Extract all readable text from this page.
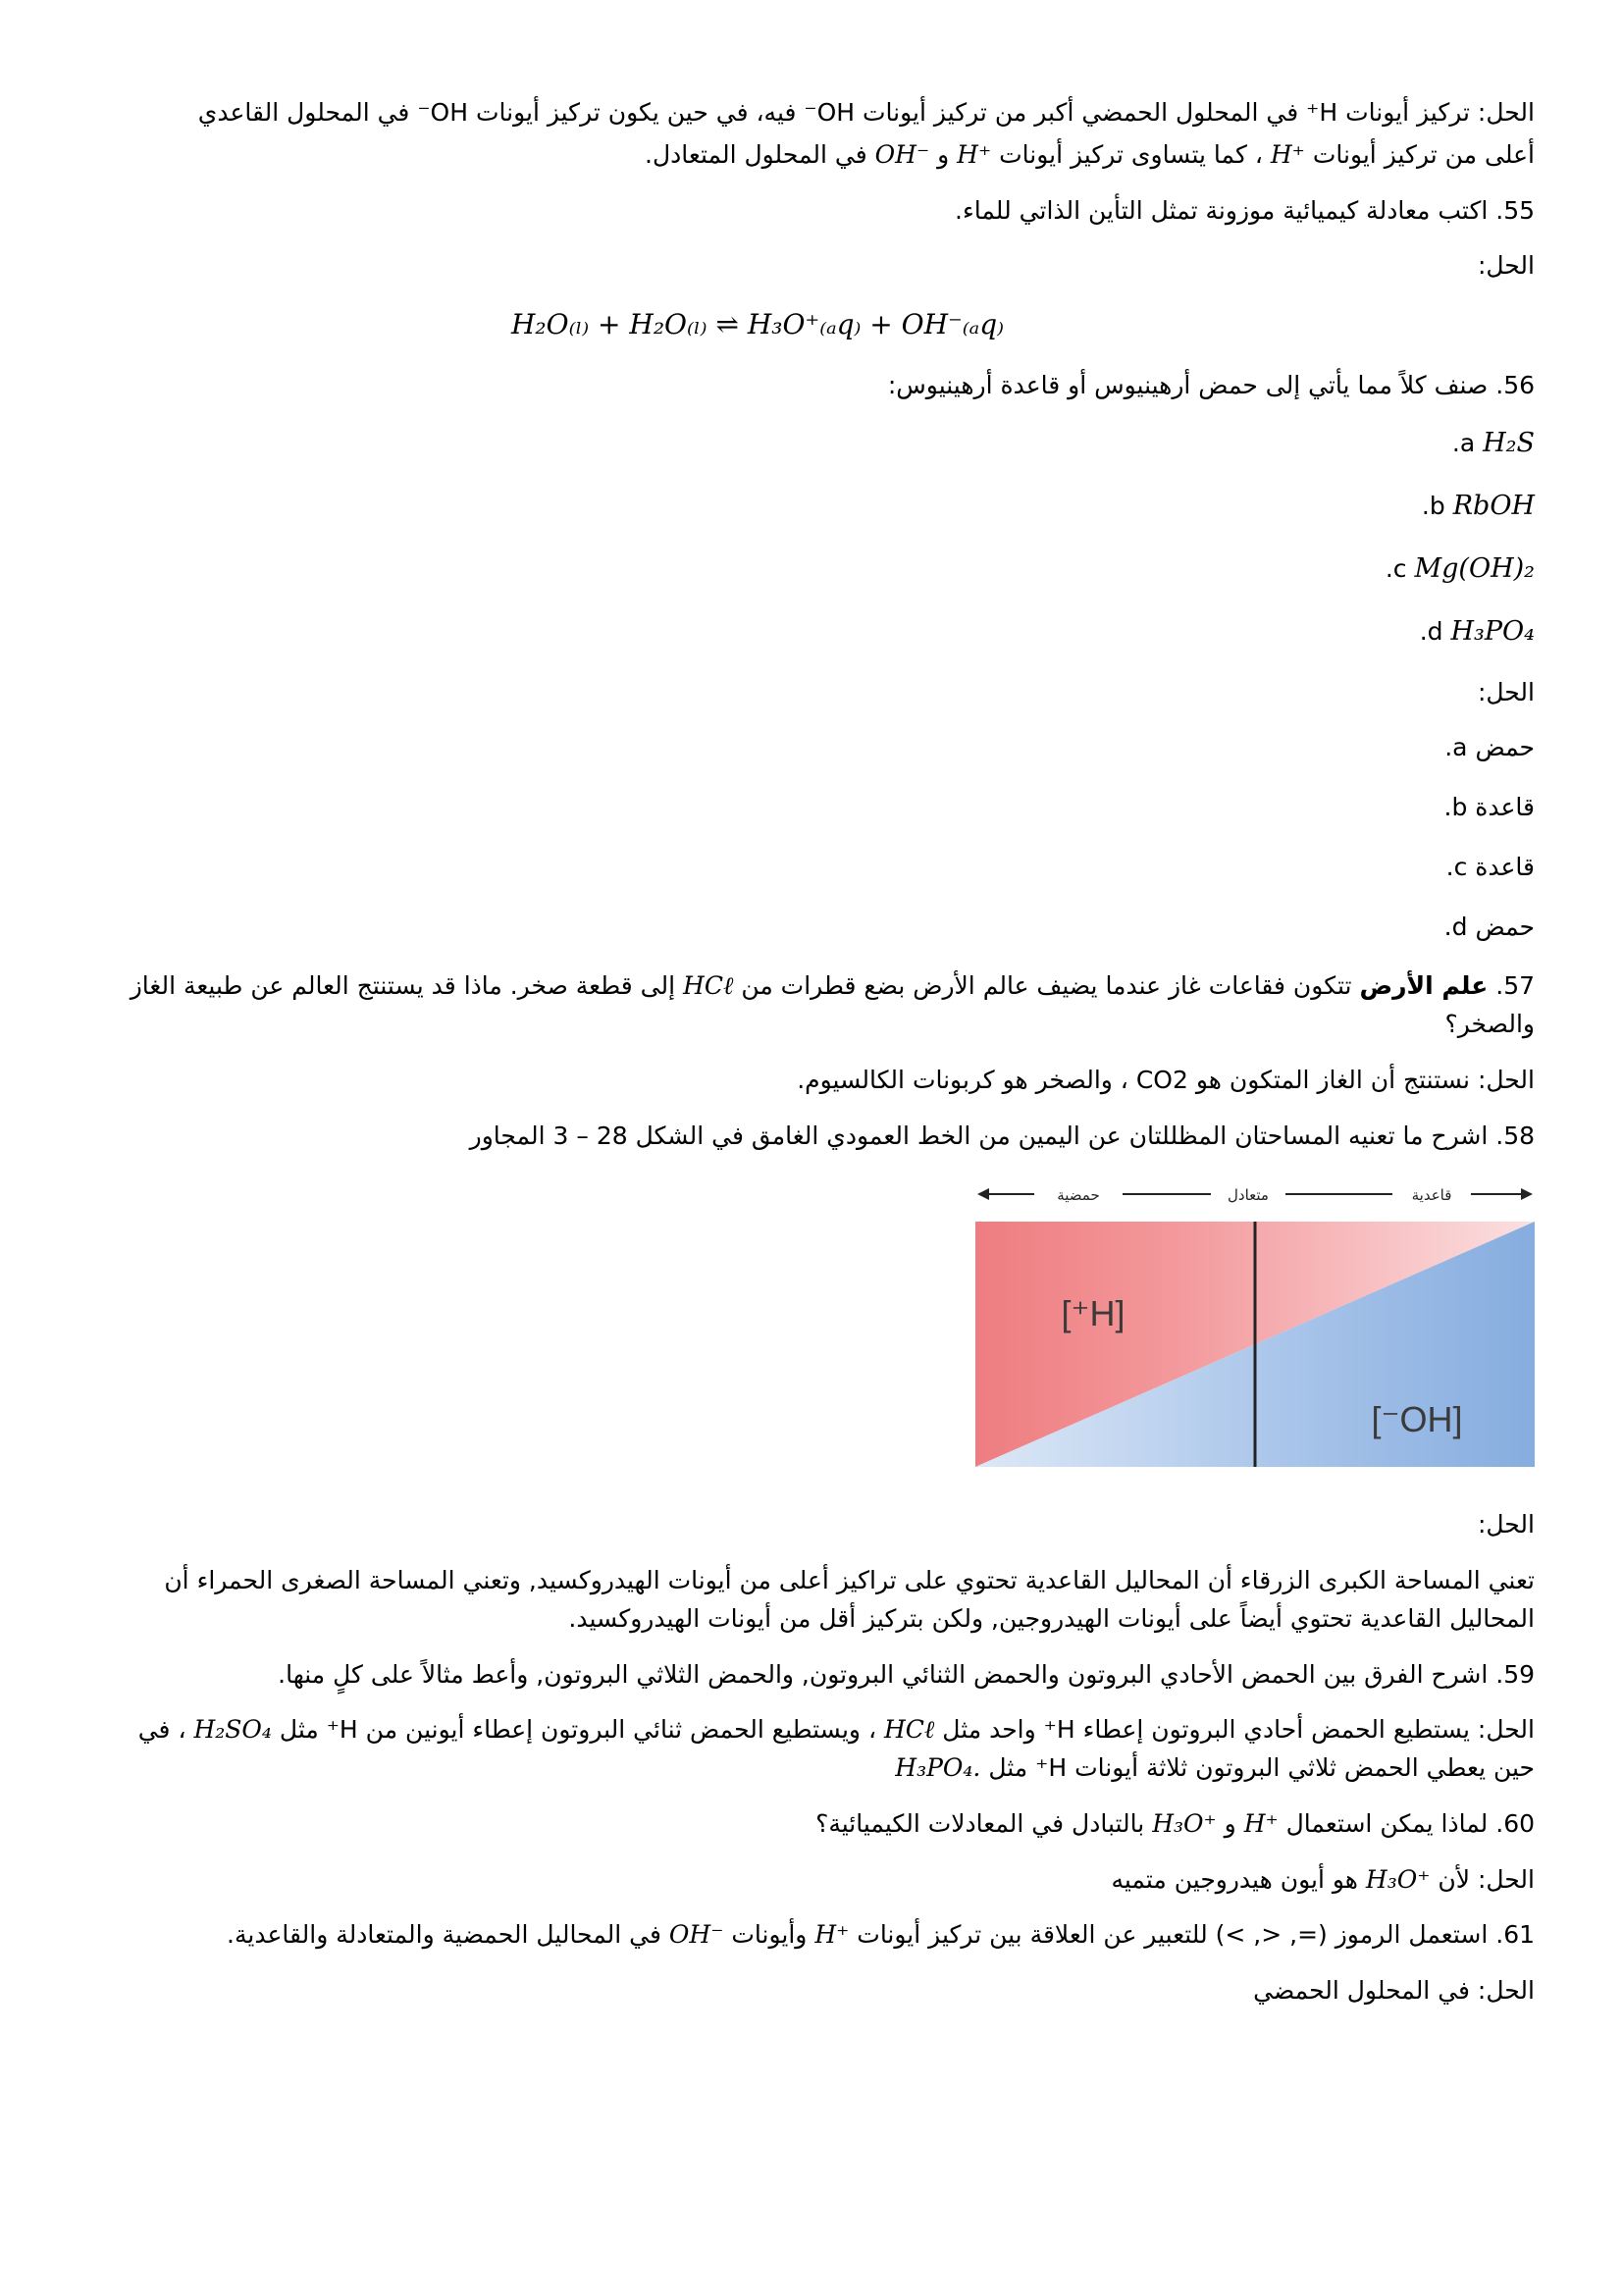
الحل: تركيز أيونات H⁺ في المحلول الحمضي أكبر من تركيز أيونات OH⁻ فيه، في حين يكون تركيز أيونات OH⁻ في المحلول القاعدي

أعلى من تركيز أيونات H⁺ ، كما يتساوى تركيز أيونات H⁺ و OH⁻ في المحلول المتعادل.

55. اكتب معادلة كيميائية موزونة تمثل التأين الذاتي للماء.

الحل:

H₂O₍ₗ₎ + H₂O₍ₗ₎ ⇌ H₃O⁺₍ₐq₎ + OH⁻₍ₐq₎

56. صنف كلاً مما يأتي إلى حمض أرهينيوس أو قاعدة أرهينيوس:

H₂S a.
RbOH b.
Mg(OH)₂ c.
H₃PO₄ d.

الحل:

حمض a.
قاعدة b.
قاعدة c.
حمض d.

57. علم الأرض تتكون فقاعات غاز عندما يضيف عالم الأرض بضع قطرات من HCℓ إلى قطعة صخر. ماذا قد يستنتج العالم عن طبيعة الغاز والصخر؟

الحل: نستنتج أن الغاز المتكون هو CO2 ، والصخر هو كربونات الكالسيوم.

58. اشرح ما تعنيه المساحتان المظللتان عن اليمين من الخط العمودي الغامق في الشكل 28 – 3 المجاور

حمضية	متعادل	قاعدية
[H⁺]
[OH⁻]

الحل:

تعني المساحة الكبرى الزرقاء أن المحاليل القاعدية تحتوي على تراكيز أعلى من أيونات الهيدروكسيد, وتعني المساحة الصغرى الحمراء أن المحاليل القاعدية تحتوي أيضاً على أيونات الهيدروجين, ولكن بتركيز أقل من أيونات الهيدروكسيد.

59. اشرح الفرق بين الحمض الأحادي البروتون والحمض الثنائي البروتون, والحمض الثلاثي البروتون, وأعط مثالاً على كلٍ منها.

الحل: يستطيع الحمض أحادي البروتون إعطاء H⁺ واحد مثل HCℓ ، ويستطيع الحمض ثنائي البروتون إعطاء أيونين من H⁺ مثل H₂SO₄ ، في حين يعطي الحمض ثلاثي البروتون ثلاثة أيونات H⁺ مثل H₃PO₄.

60. لماذا يمكن استعمال H⁺ و H₃O⁺ بالتبادل في المعادلات الكيميائية؟

الحل: لأن H₃O⁺ هو أيون هيدروجين متميه

61. استعمل الرموز (=, <, >) للتعبير عن العلاقة بين تركيز أيونات H⁺ وأيونات OH⁻ في المحاليل الحمضية والمتعادلة والقاعدية.

الحل: في المحلول الحمضي
